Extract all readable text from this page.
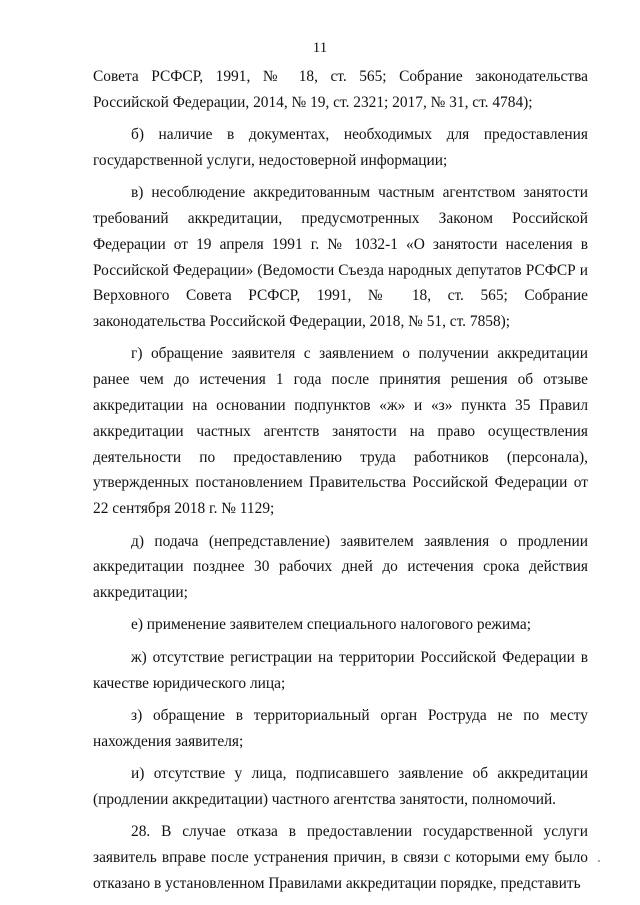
11

Совета РСФСР, 1991, № 18, ст. 565; Собрание законодательства Российской Федерации, 2014, № 19, ст. 2321; 2017, № 31, ст. 4784);

б) наличие в документах, необходимых для предоставления государственной услуги, недостоверной информации;

в) несоблюдение аккредитованным частным агентством занятости требований аккредитации, предусмотренных Законом Российской Федерации от 19 апреля 1991 г. № 1032-1 «О занятости населения в Российской Федерации» (Ведомости Съезда народных депутатов РСФСР и Верховного Совета РСФСР, 1991, № 18, ст. 565; Собрание законодательства Российской Федерации, 2018, № 51, ст. 7858);

г) обращение заявителя с заявлением о получении аккредитации ранее чем до истечения 1 года после принятия решения об отзыве аккредитации на основании подпунктов «ж» и «з» пункта 35 Правил аккредитации частных агентств занятости на право осуществления деятельности по предоставлению труда работников (персонала), утвержденных постановлением Правительства Российской Федерации от 22 сентября 2018 г. № 1129;

д) подача (непредставление) заявителем заявления о продлении аккредитации позднее 30 рабочих дней до истечения срока действия аккредитации;

е) применение заявителем специального налогового режима;

ж) отсутствие регистрации на территории Российской Федерации в качестве юридического лица;

з) обращение в территориальный орган Роструда не по месту нахождения заявителя;

и) отсутствие у лица, подписавшего заявление об аккредитации (продлении аккредитации) частного агентства занятости, полномочий.

28. В случае отказа в предоставлении государственной услуги заявитель вправе после устранения причин, в связи с которыми ему было отказано в установленном Правилами аккредитации порядке, представить
